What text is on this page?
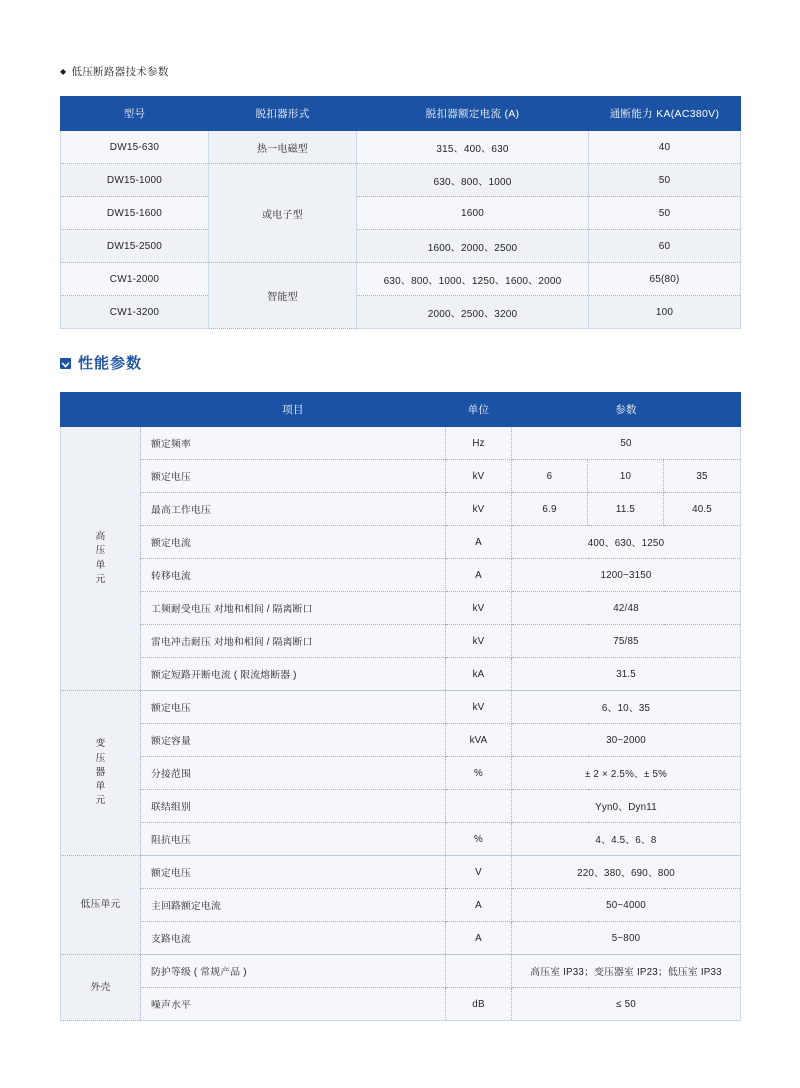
◆ 低压断路器技术参数
型号	脱扣器形式	脱扣器额定电流 (A)	通断能力 KA(AC380V)
DW15-630	热一电磁型	315、400、630	40
DW15-1000	或电子型	630、800、1000	50
DW15-1600		1600	50
DW15-2500		1600、2000、2500	60
CW1-2000	智能型	630、800、1000、1250、1600、2000	65(80)
CW1-3200		2000、2500、3200	100
性能参数
	项目	单位	参数		
高
压
单
元	额定频率	Hz	50		
	额定电压	kV	6	10	35
	最高工作电压	kV	6.9	11.5	40.5
	额定电流	A	400、630、1250		
	转移电流	A	1200~3150		
	工频耐受电压 对地和相间 / 隔离断口	kV	42/48		
	雷电冲击耐压 对地和相间 / 隔离断口	kV	75/85		
	额定短路开断电流 ( 限流熔断器 )	kA	31.5		
变
压
器
单
元	额定电压	kV	6、10、35		
	额定容量	kVA	30~2000		
	分接范围	%	± 2 × 2.5%、± 5%		
	联结组别		Yyn0、Dyn11		
	阻抗电压	%	4、4.5、6、8		
低压单元	额定电压	V	220、380、690、800		
	主回路额定电流	A	50~4000		
	支路电流	A	5~800		
外壳	防护等级 ( 常规产品 )		高压室 IP33；变压器室 IP23；低压室 IP33		
	噪声水平	dB	≤ 50		
